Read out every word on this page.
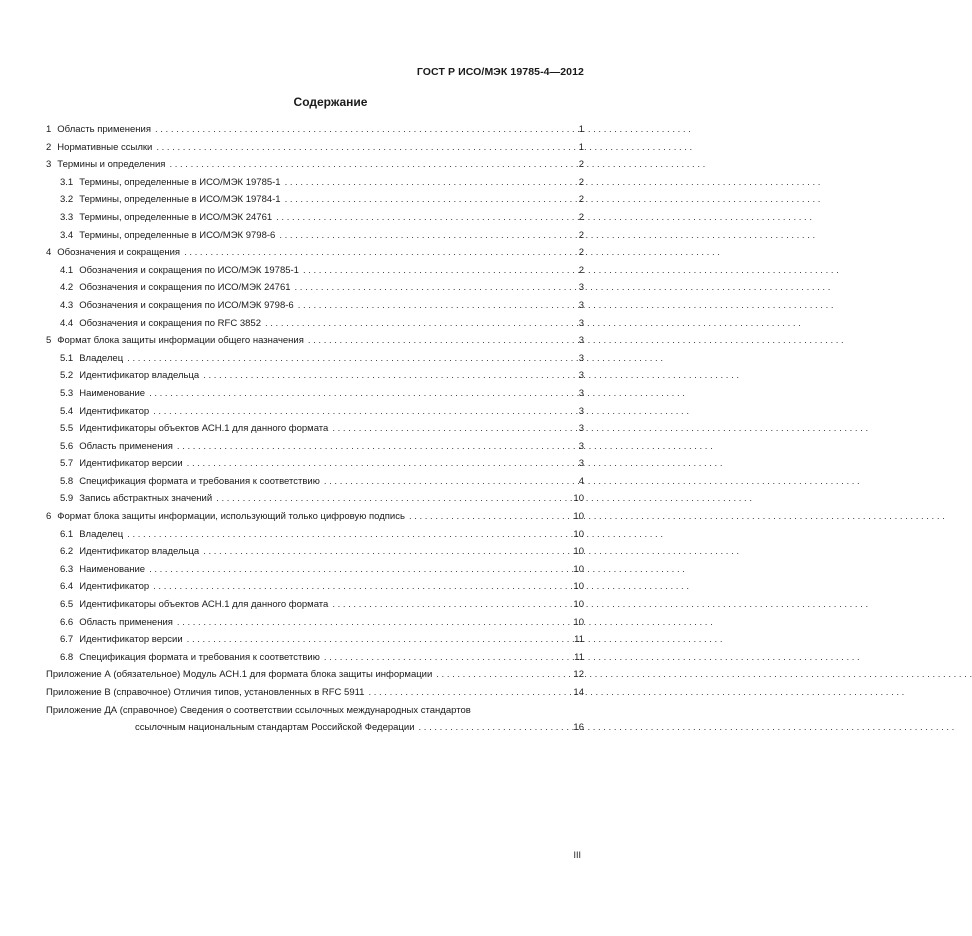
ГОСТ Р ИСО/МЭК 19785-4—2012
Содержание
1 Область применения . . .	1
2 Нормативные ссылки . . .	1
3 Термины и определения . . .	2
3.1 Термины, определенные в ИСО/МЭК 19785-1 . . .	2
3.2 Термины, определенные в ИСО/МЭК 19784-1 . . .	2
3.3 Термины, определенные в ИСО/МЭК 24761 . . .	2
3.4 Термины, определенные в ИСО/МЭК 9798-6 . . .	2
4 Обозначения и сокращения . . .	2
4.1 Обозначения и сокращения по ИСО/МЭК 19785-1 . . .	2
4.2 Обозначения и сокращения по ИСО/МЭК 24761 . . .	3
4.3 Обозначения и сокращения по ИСО/МЭК 9798-6 . . .	3
4.4 Обозначения и сокращения по RFC 3852 . . .	3
5 Формат блока защиты информации общего назначения . . .	3
5.1 Владелец . . .	3
5.2 Идентификатор владельца . . .	3
5.3 Наименование . . .	3
5.4 Идентификатор . . .	3
5.5 Идентификаторы объектов АСН.1 для данного формата . . .	3
5.6 Область применения . . .	3
5.7 Идентификатор версии . . .	3
5.8 Спецификация формата и требования к соответствию . . .	4
5.9 Запись абстрактных значений . . .	10
6 Формат блока защиты информации, использующий только цифровую подпись . . .	10
6.1 Владелец . . .	10
6.2 Идентификатор владельца . . .	10
6.3 Наименование . . .	10
6.4 Идентификатор . . .	10
6.5 Идентификаторы объектов АСН.1 для данного формата . . .	10
6.6 Область применения . . .	10
6.7 Идентификатор версии . . .	11
6.8 Спецификация формата и требования к соответствию . . .	11
Приложение А (обязательное) Модуль АСН.1 для формата блока защиты информации . . .	12
Приложение В (справочное) Отличия типов, установленных в RFC 5911 . . .	14
Приложение ДА (справочное) Сведения о соответствии ссылочных международных стандартов
ссылочным национальным стандартам Российской Федерации . . .	16
III
